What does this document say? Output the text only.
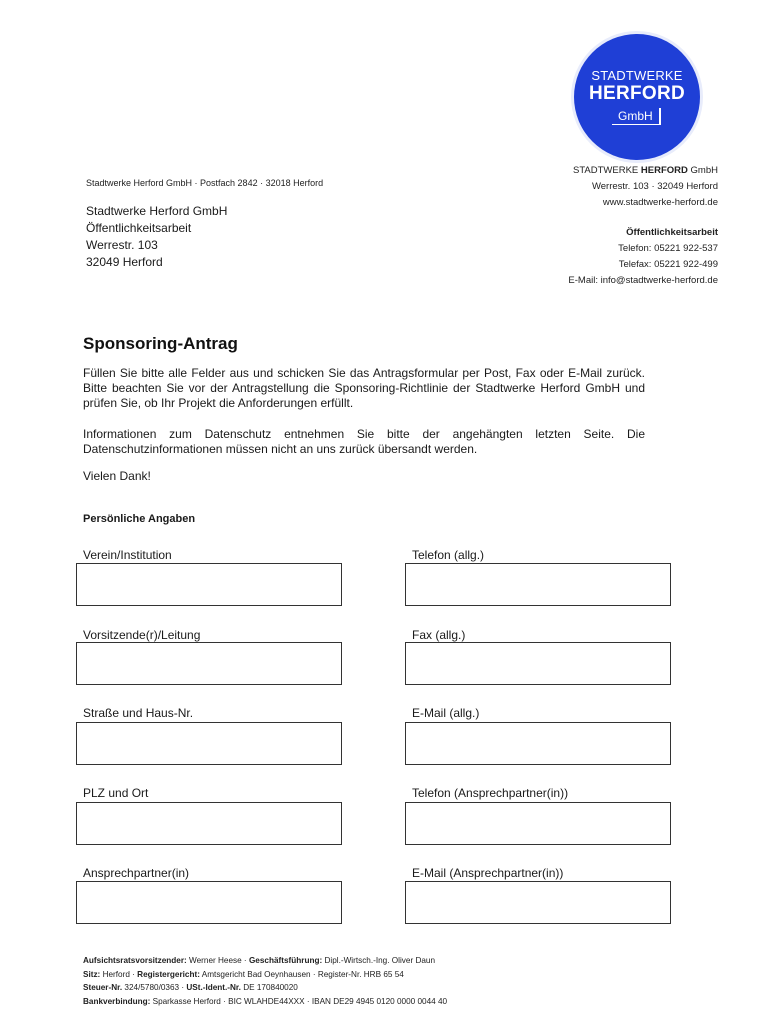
STADTWERKE
HERFORD
GmbH
Stadtwerke Herford GmbH · Postfach 2842 · 32018 Herford
Stadtwerke Herford GmbH
Öffentlichkeitsarbeit
Werrestr. 103
32049 Herford
STADTWERKE HERFORD GmbH
Werrestr. 103 · 32049 Herford
www.stadtwerke-herford.de
Öffentlichkeitsarbeit
Telefon: 05221 922-537
Telefax: 05221 922-499
E-Mail: info@stadtwerke-herford.de
Sponsoring-Antrag
Füllen Sie bitte alle Felder aus und schicken Sie das Antragsformular per Post, Fax oder E-Mail zurück. Bitte beachten Sie vor der Antragstellung die Sponsoring-Richtlinie der Stadtwerke Herford GmbH und prüfen Sie, ob Ihr Projekt die Anforderungen erfüllt.
Informationen zum Datenschutz entnehmen Sie bitte der angehängten letzten Seite. Die Datenschutzinformationen müssen nicht an uns zurück übersandt werden.
Vielen Dank!
Persönliche Angaben
Verein/Institution
Vorsitzende(r)/Leitung
Straße und Haus-Nr.
PLZ und Ort
Ansprechpartner(in)
Telefon (allg.)
Fax (allg.)
E-Mail (allg.)
Telefon (Ansprechpartner(in))
E-Mail (Ansprechpartner(in))
Aufsichtsratsvorsitzender: Werner Heese · Geschäftsführung: Dipl.-Wirtsch.-Ing. Oliver Daun
Sitz: Herford · Registergericht: Amtsgericht Bad Oeynhausen · Register-Nr. HRB 65 54
Steuer-Nr. 324/5780/0363 · USt.-Ident.-Nr. DE 170840020
Bankverbindung: Sparkasse Herford · BIC WLAHDE44XXX · IBAN DE29 4945 0120 0000 0044 40
